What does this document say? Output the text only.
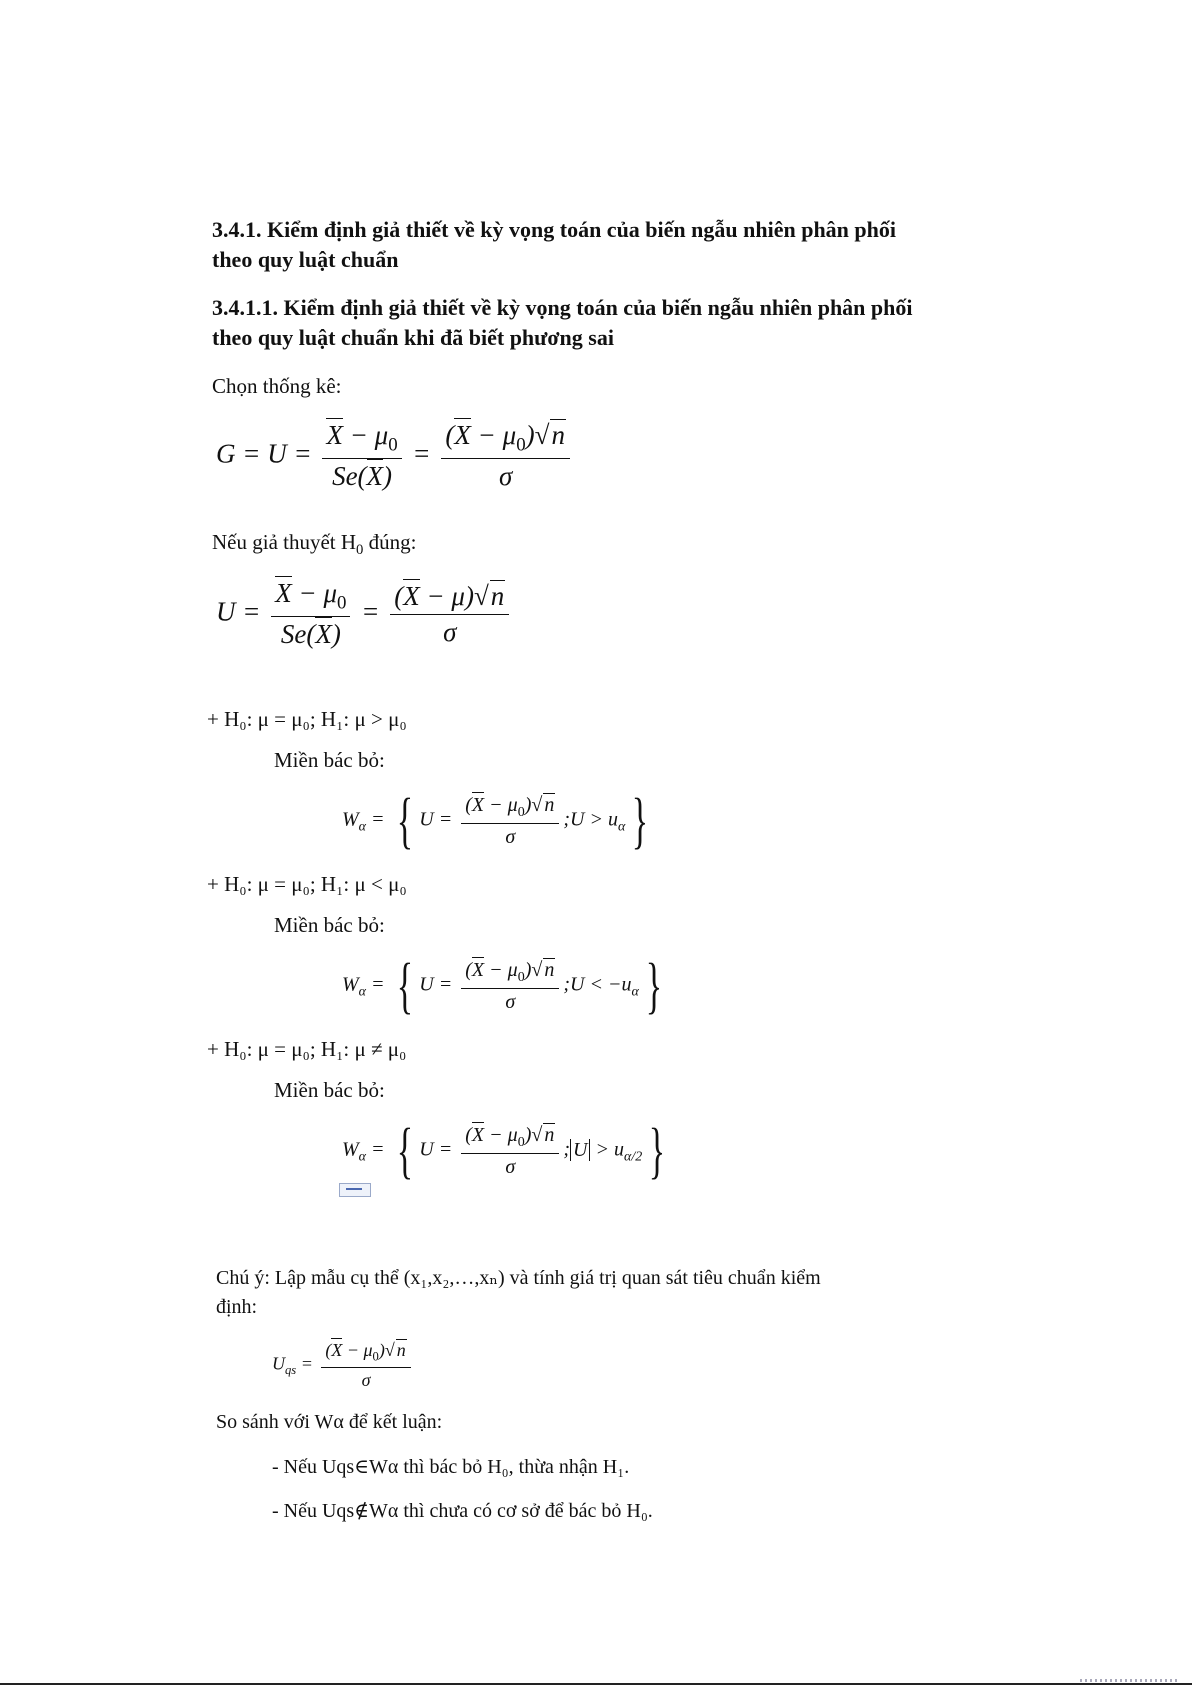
3.4.1. Kiểm định giả thiết về kỳ vọng toán của biến ngẫu nhiên phân phối
theo quy luật chuẩn
3.4.1.1. Kiểm định giả thiết về kỳ vọng toán của biến ngẫu nhiên phân phối
theo quy luật chuẩn khi đã biết phương sai
Chọn thống kê:
$G = U = \frac{X - \mu_0}{Se(X)} = \frac{(X - \mu_0)√n}{\sigma}$
Nếu giả thuyết $H_0$ đúng:
$U = \frac{X - \mu_0}{Se(X)} = \frac{(X - \mu)√n}{\sigma}$
+ H₀: μ = μ₀; H₁: μ > μ₀
Miền bác bỏ:
$W_\alpha$ = { $U = \frac{(X - \mu_0)√ n}{\sigma}$ ;U > $u_\alpha$ }
+ H₀: μ = μ₀; H₁: μ < μ₀
Miền bác bỏ:
$W_\alpha$ = { $U = \frac{(X - \mu_0)√ n}{\sigma}$ ;U < $-u_\alpha$ }
+ H₀: μ = μ₀; H₁: μ ≠ μ₀
Miền bác bỏ:
$W_\alpha$ = { $U = \frac{(X - \mu_0)√ n}{\sigma}$ ; $U > u_{\alpha/2}$ }
Chú ý: Lập mẫu cụ thể (x₁,x₂,…,xₙ) và tính giá trị quan sát tiêu chuẩn kiểm
định:
$U_{qs} = \frac{(X - \mu_0)√ n}{\sigma}$
So sánh với Wα để kết luận:
- Nếu Uqs∈Wα thì bác bỏ H₀, thừa nhận H₁.
- Nếu Uqs∉Wα thì chưa có cơ sở để bác bỏ H₀.
